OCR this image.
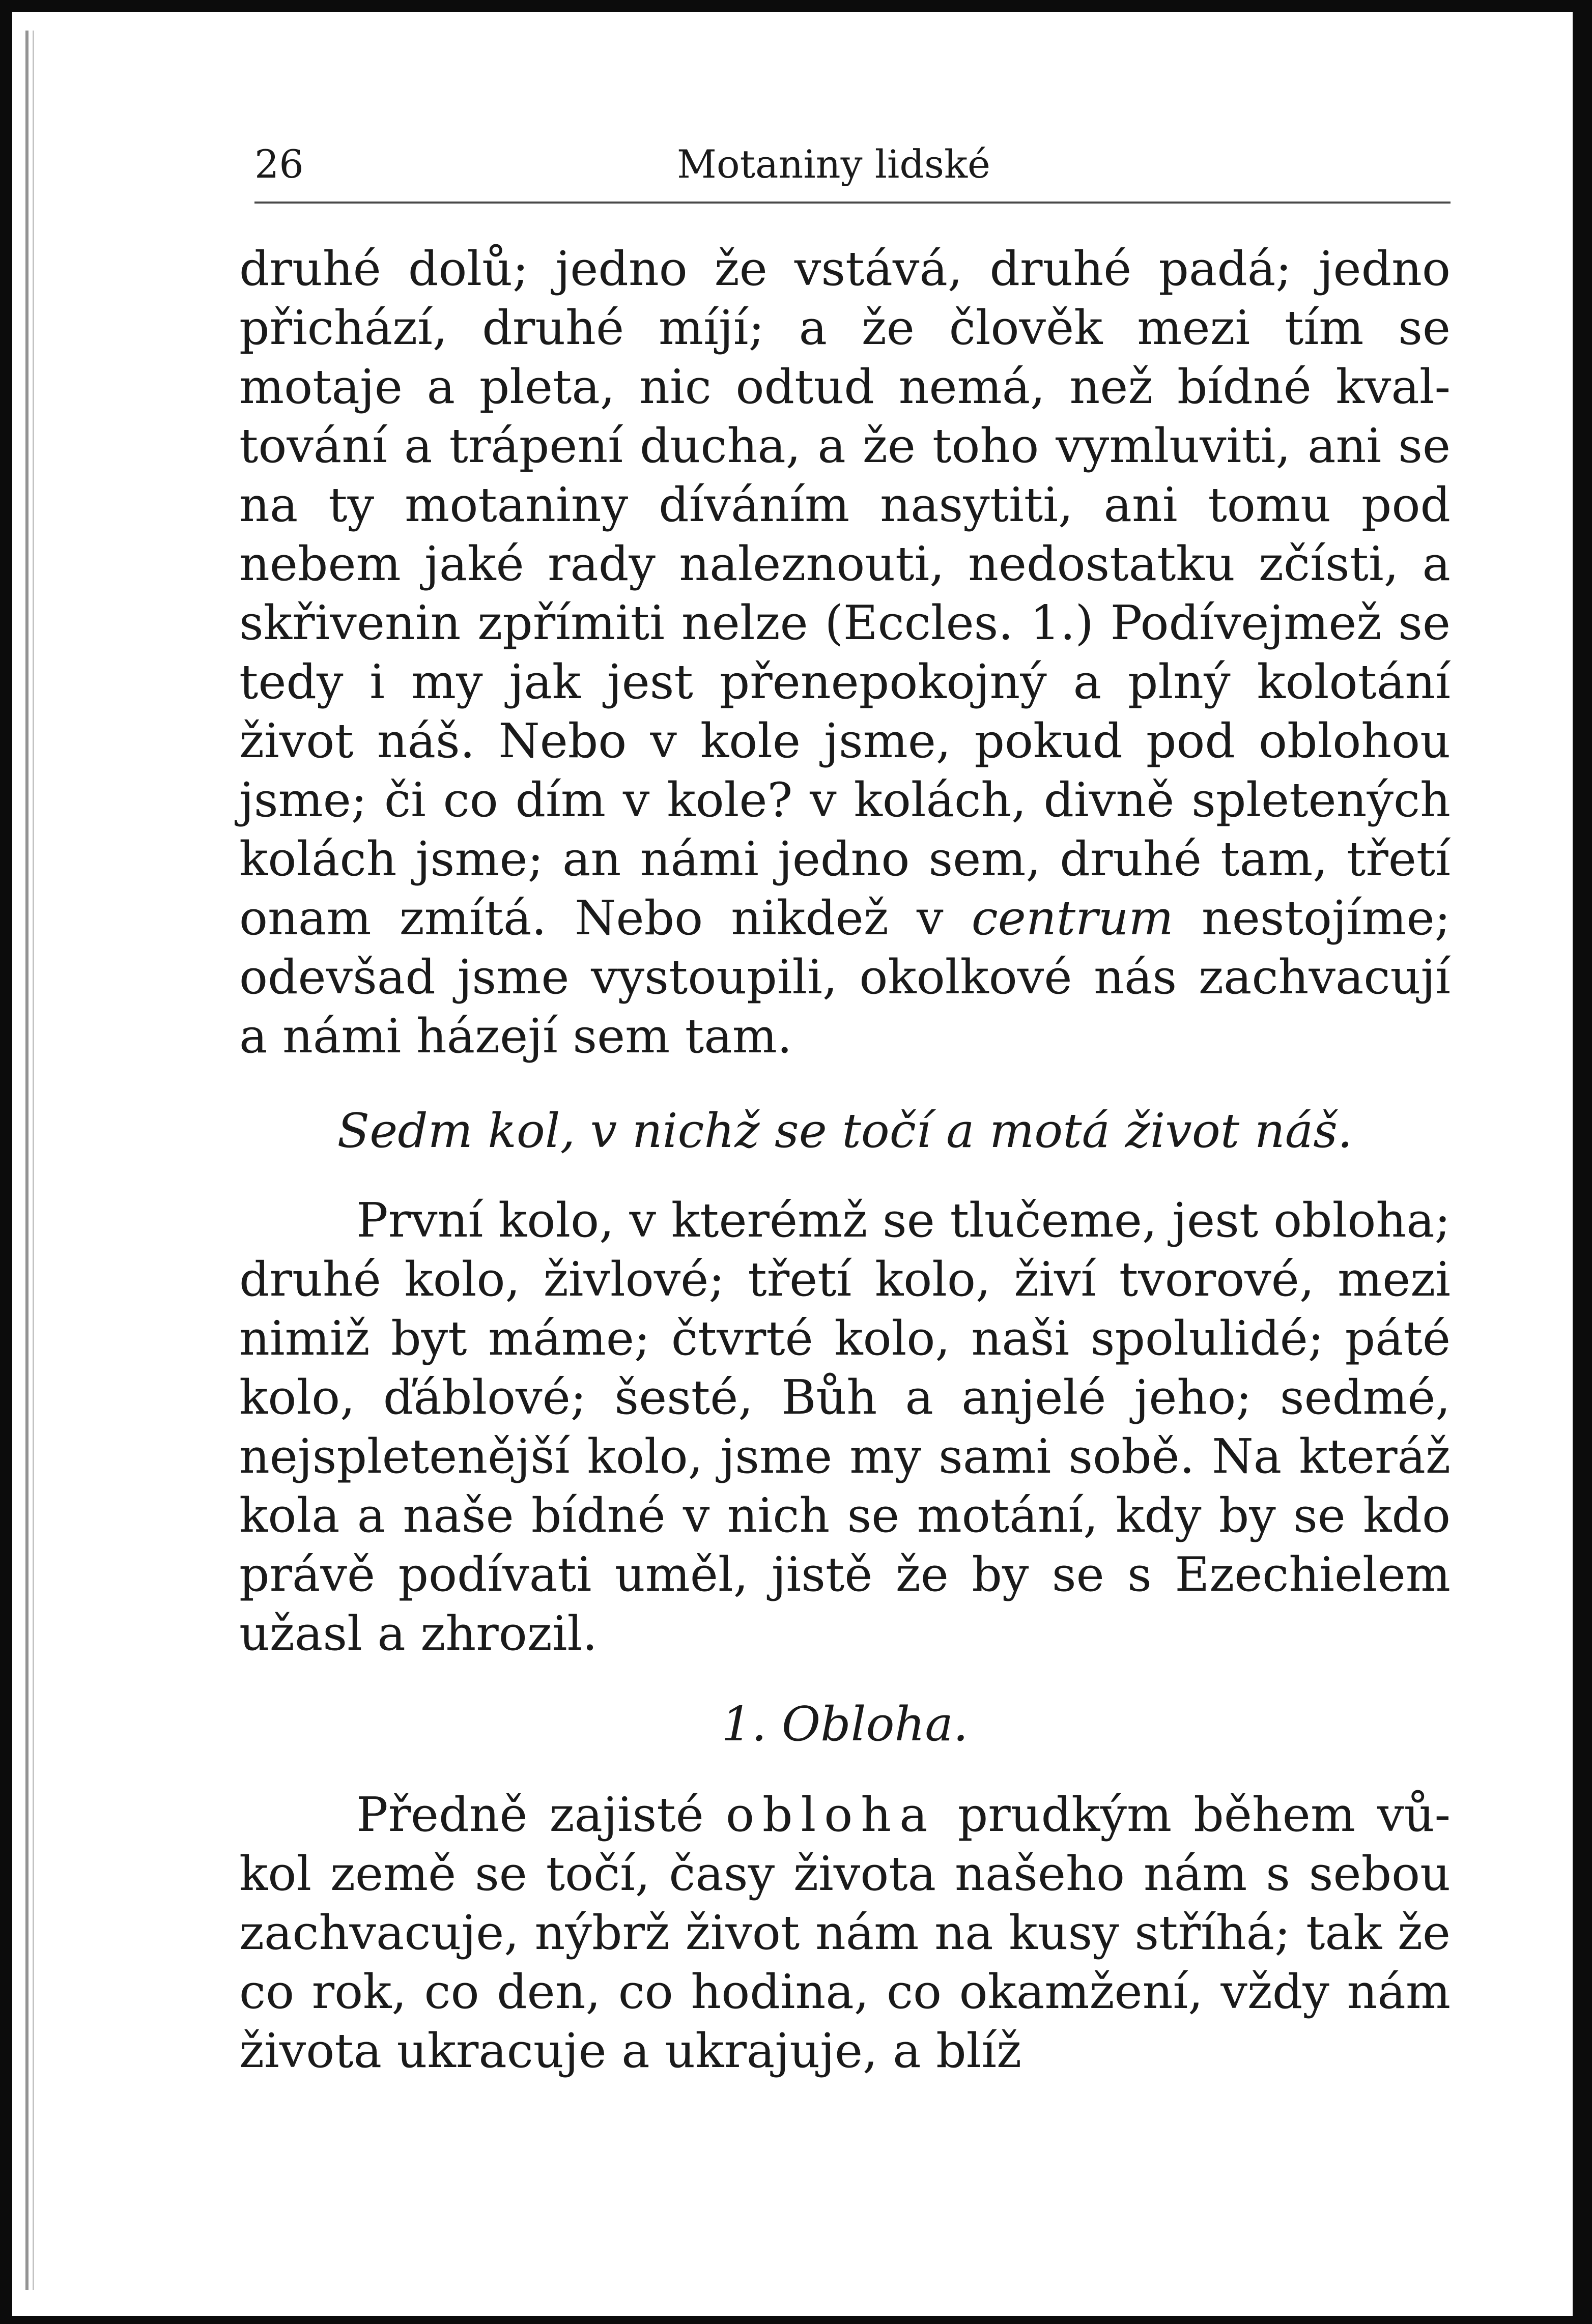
26	Motaniny lidské

druhé dolů; jedno že vstává, druhé padá; jedno přichází, druhé míjí; a že člověk mezi tím se motaje a pleta, nic odtud nemá, než bídné kvaltování a trápení ducha, a že toho vymluviti, ani se na ty motaniny díváním nasytiti, ani tomu pod nebem jaké rady naleznouti, nedostatku zčísti, a skřivenin zpřímiti nelze (Eccles. 1.) Podívejmež se tedy i my jak jest přenepokojný a plný kolotání život náš. Nebo v kole jsme, pokud pod oblohou jsme; či co dím v kole? v kolách, divně spletených kolách jsme; an námi jedno sem, druhé tam, třetí onam zmítá. Nebo nikdež v centrum nestojíme; odevšad jsme vystoupili, okolkové nás zachvacují a námi házejí sem tam.

Sedm kol, v nichž se točí a motá život náš.

První kolo, v kterémž se tlučeme, jest obloha; druhé kolo, živlové; třetí kolo, živí tvorové, mezi nimiž byt máme; čtvrté kolo, naši spolulidé; páté kolo, ďáblové; šesté, Bůh a anjelé jeho; sedmé, nejspletenější kolo, jsme my sami sobě. Na kteráž kola a naše bídné v nich se motání, kdy by se kdo právě podívati uměl, jistě že by se s Ezechielem užasl a zhrozil.

1. Obloha.

Předně zajisté obloha prudkým během vůkol země se točí, časy života našeho nám s sebou zachvacuje, nýbrž život nám na kusy stříhá; tak že co rok, co den, co hodina, co okamžení, vždy nám života ukracuje a ukrajuje, a blíž
